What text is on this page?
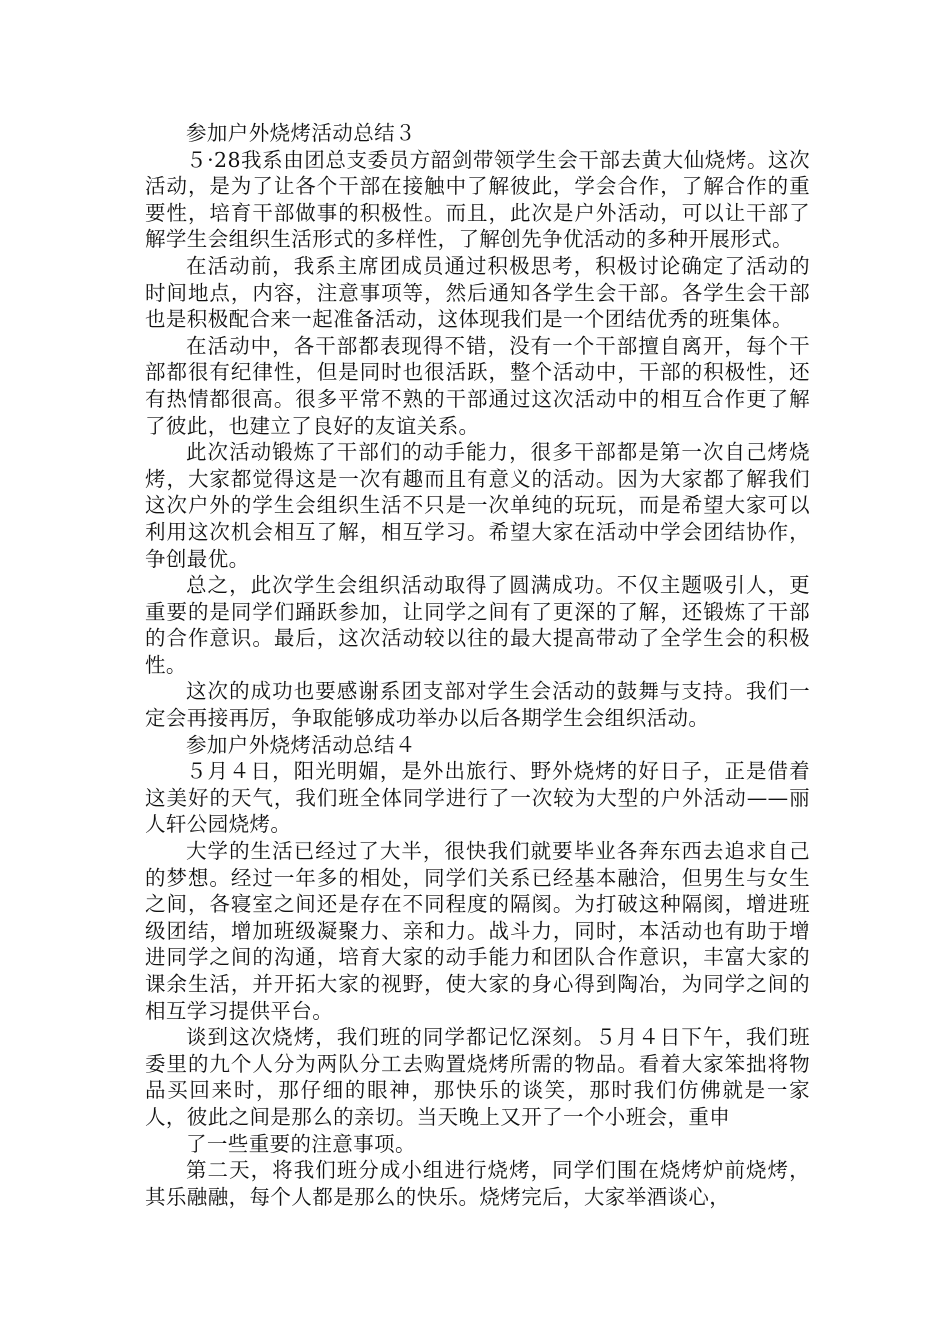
参加户外烧烤活动总结３

５·28我系由团总支委员方韶剑带领学生会干部去黄大仙烧烤。这次活动，是为了让各个干部在接触中了解彼此，学会合作，了解合作的重要性，培育干部做事的积极性。而且，此次是户外活动，可以让干部了解学生会组织生活形式的多样性，了解创先争优活动的多种开展形式。

在活动前，我系主席团成员通过积极思考，积极讨论确定了活动的时间地点，内容，注意事项等，然后通知各学生会干部。各学生会干部也是积极配合来一起准备活动，这体现我们是一个团结优秀的班集体。

在活动中，各干部都表现得不错，没有一个干部擅自离开，每个干部都很有纪律性，但是同时也很活跃，整个活动中，干部的积极性，还有热情都很高。很多平常不熟的干部通过这次活动中的相互合作更了解了彼此，也建立了良好的友谊关系。

此次活动锻炼了干部们的动手能力，很多干部都是第一次自己烤烧烤，大家都觉得这是一次有趣而且有意义的活动。因为大家都了解我们这次户外的学生会组织生活不只是一次单纯的玩玩，而是希望大家可以利用这次机会相互了解，相互学习。希望大家在活动中学会团结协作，争创最优。

总之，此次学生会组织活动取得了圆满成功。不仅主题吸引人，更重要的是同学们踊跃参加，让同学之间有了更深的了解，还锻炼了干部的合作意识。最后，这次活动较以往的最大提高带动了全学生会的积极性。

这次的成功也要感谢系团支部对学生会活动的鼓舞与支持。我们一定会再接再厉，争取能够成功举办以后各期学生会组织活动。

参加户外烧烤活动总结４

５月４日，阳光明媚，是外出旅行、野外烧烤的好日子，正是借着这美好的天气，我们班全体同学进行了一次较为大型的户外活动——丽人轩公园烧烤。

大学的生活已经过了大半，很快我们就要毕业各奔东西去追求自己的梦想。经过一年多的相处，同学们关系已经基本融洽，但男生与女生之间，各寝室之间还是存在不同程度的隔阂。为打破这种隔阂，增进班级团结，增加班级凝聚力、亲和力。战斗力，同时，本活动也有助于增进同学之间的沟通，培育大家的动手能力和团队合作意识，丰富大家的课余生活，并开拓大家的视野，使大家的身心得到陶冶，为同学之间的相互学习提供平台。

谈到这次烧烤，我们班的同学都记忆深刻。５月４日下午，我们班委里的九个人分为两队分工去购置烧烤所需的物品。看着大家笨拙将物品买回来时，那仔细的眼神，那快乐的谈笑，那时我们仿佛就是一家人，彼此之间是那么的亲切。当天晚上又开了一个小班会，重申

了一些重要的注意事项。

第二天，将我们班分成小组进行烧烤，同学们围在烧烤炉前烧烤，其乐融融，每个人都是那么的快乐。烧烤完后，大家举酒谈心，
